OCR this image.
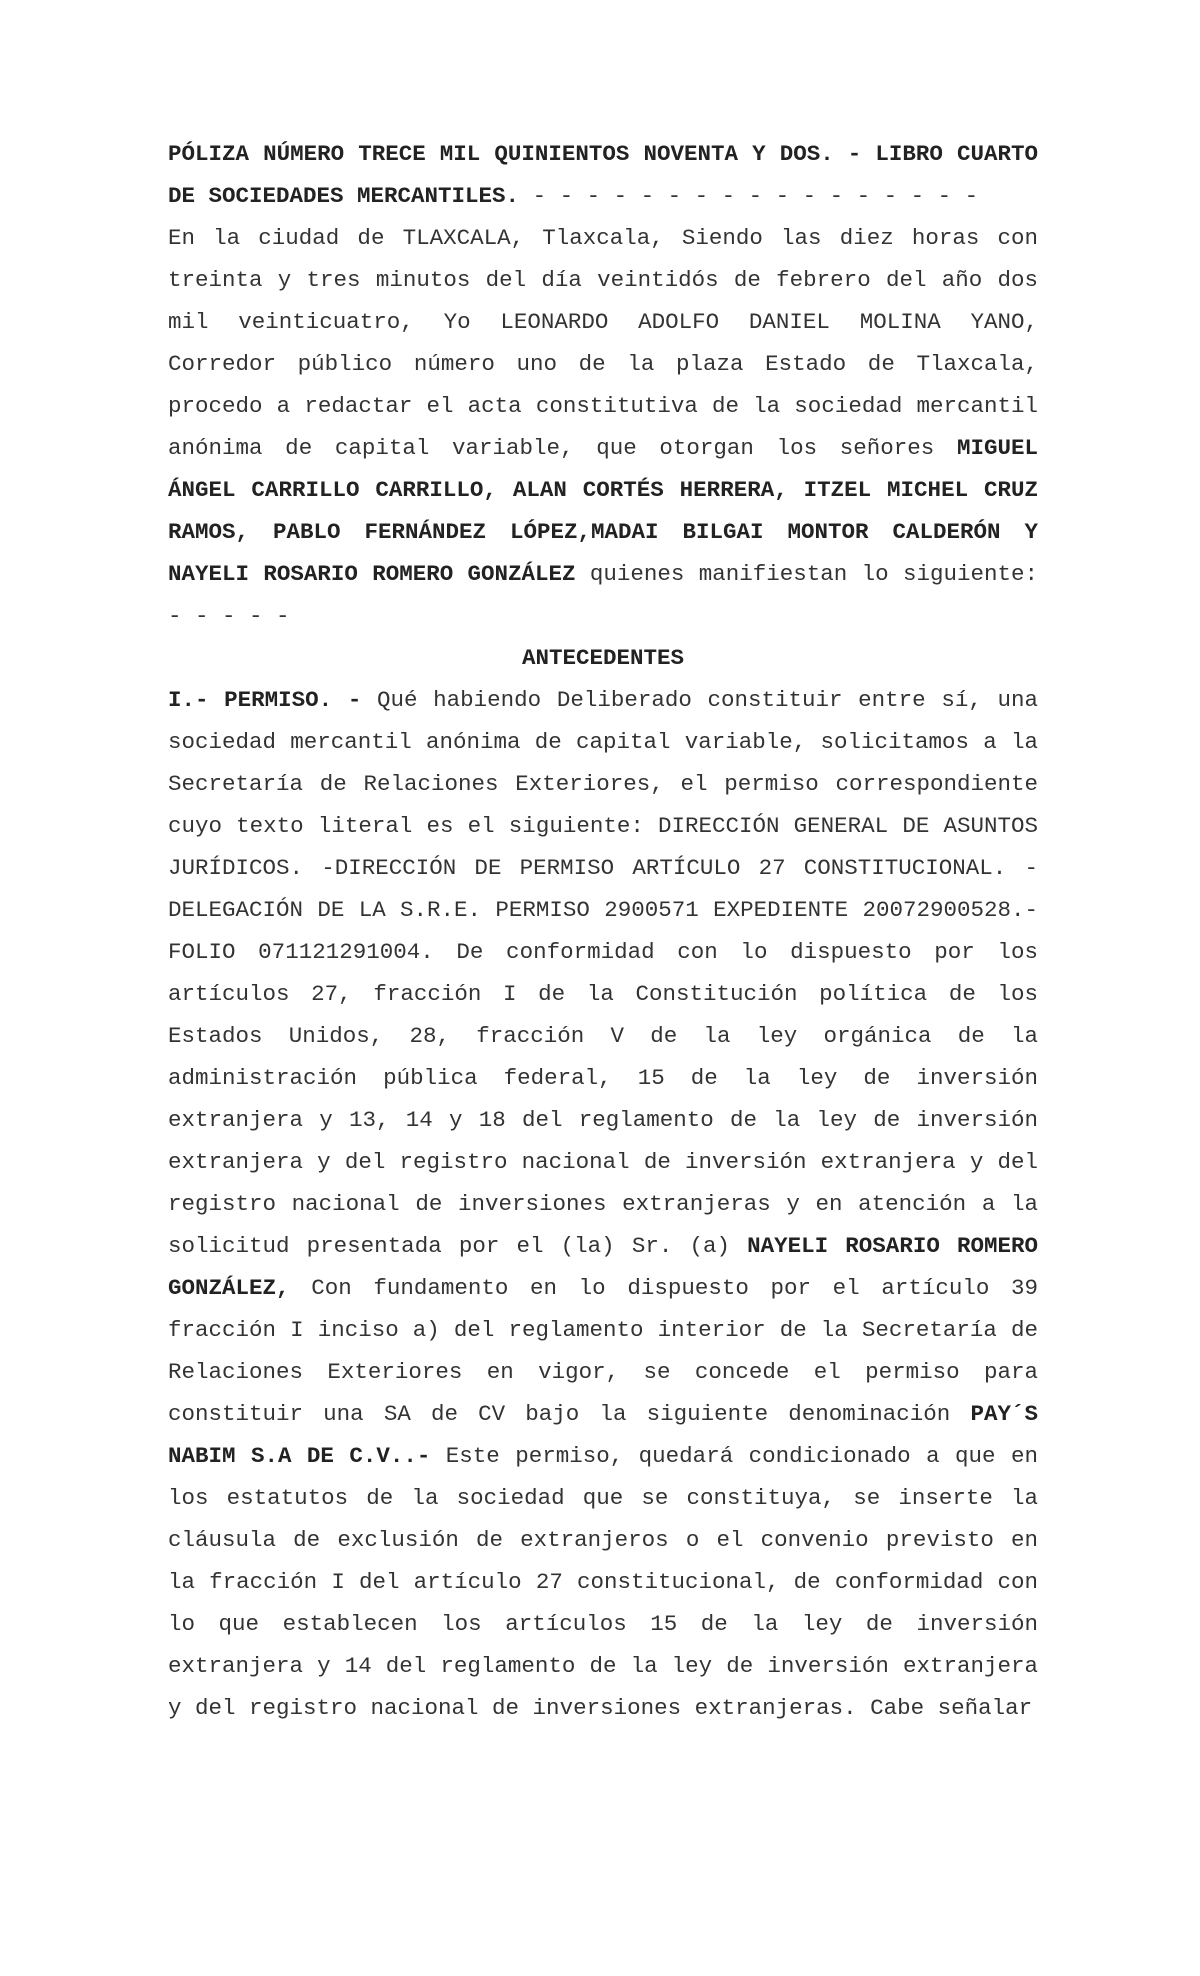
PÓLIZA NÚMERO TRECE MIL QUINIENTOS NOVENTA Y DOS. - LIBRO CUARTO DE SOCIEDADES MERCANTILES. - - - - - - - - - - - - - - - - -

En la ciudad de TLAXCALA, Tlaxcala, Siendo las diez horas con treinta y tres minutos del día veintidós de febrero del año dos mil veinticuatro, Yo LEONARDO ADOLFO DANIEL MOLINA YANO, Corredor público número uno de la plaza Estado de Tlaxcala, procedo a redactar el acta constitutiva de la sociedad mercantil anónima de capital variable, que otorgan los señores MIGUEL ÁNGEL CARRILLO CARRILLO, ALAN CORTÉS HERRERA, ITZEL MICHEL CRUZ RAMOS, PABLO FERNÁNDEZ LÓPEZ,MADAI BILGAI MONTOR CALDERÓN Y NAYELI ROSARIO ROMERO GONZÁLEZ quienes manifiestan lo siguiente: - - - - -

ANTECEDENTES

I.- PERMISO. - Qué habiendo Deliberado constituir entre sí, una sociedad mercantil anónima de capital variable, solicitamos a la Secretaría de Relaciones Exteriores, el permiso correspondiente cuyo texto literal es el siguiente: DIRECCIÓN GENERAL DE ASUNTOS JURÍDICOS. -DIRECCIÓN DE PERMISO ARTÍCULO 27 CONSTITUCIONAL. -DELEGACIÓN DE LA S.R.E. PERMISO 2900571 EXPEDIENTE 20072900528.- FOLIO 071121291004. De conformidad con lo dispuesto por los artículos 27, fracción I de la Constitución política de los Estados Unidos, 28, fracción V de la ley orgánica de la administración pública federal, 15 de la ley de inversión extranjera y 13, 14 y 18 del reglamento de la ley de inversión extranjera y del registro nacional de inversión extranjera y del registro nacional de inversiones extranjeras y en atención a la solicitud presentada por el (la) Sr. (a) NAYELI ROSARIO ROMERO GONZÁLEZ, Con fundamento en lo dispuesto por el artículo 39 fracción I inciso a) del reglamento interior de la Secretaría de Relaciones Exteriores en vigor, se concede el permiso para constituir una SA de CV bajo la siguiente denominación PAY´S NABIM S.A DE C.V..- Este permiso, quedará condicionado a que en los estatutos de la sociedad que se constituya, se inserte la cláusula de exclusión de extranjeros o el convenio previsto en la fracción I del artículo 27 constitucional, de conformidad con lo que establecen los artículos 15 de la ley de inversión extranjera y 14 del reglamento de la ley de inversión extranjera y del registro nacional de inversiones extranjeras. Cabe señalar
